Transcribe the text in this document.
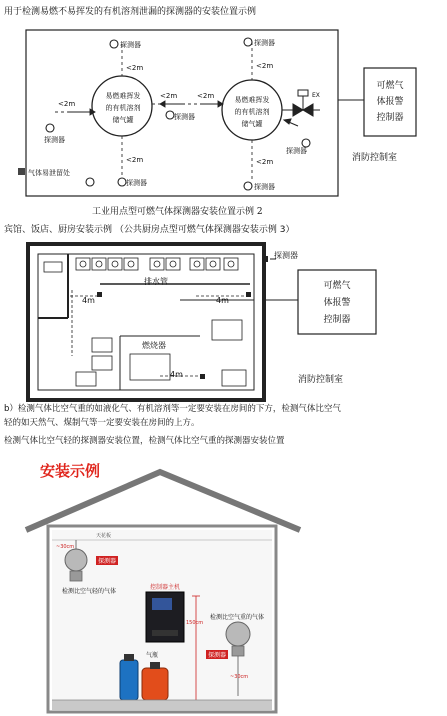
用于检测易燃不易挥发的有机溶剂泄漏的探测器的安装位置示例
探测器	探测器
<2m	<2m
易燃难挥发
的有机溶剂
储气罐
易燃难挥发
的有机溶剂
储气罐
<2m
<2m	<2m
探测器
探测器
<2m	<2m
探测器	探测器
探测器
气体易泄留处
EX
可燃气
体报警
控制器
消防控制室
工业用点型可燃气体探测器安装位置示例 2
宾馆、饭店、厨房安装示例 （公共厨房点型可燃气体探测器安装示例 3）
探测器
排水管
4m	4m
燃烧器
4m
可燃气
体报警
控制器
消防控制室
b）检测气体比空气重的如液化气、有机溶剂等一定要安装在房间的下方，检测气体比空气
轻的如天然气、煤制气等一定要安装在房间的上方。
检测气体比空气轻的探测器安装位置，检测气体比空气重的探测器安装位置
安装示例
天花板
~30cm
探测器
检测比空气轻的气体
控制器主机
150cm
检测比空气重的气体
探测器
气瓶
~30cm
